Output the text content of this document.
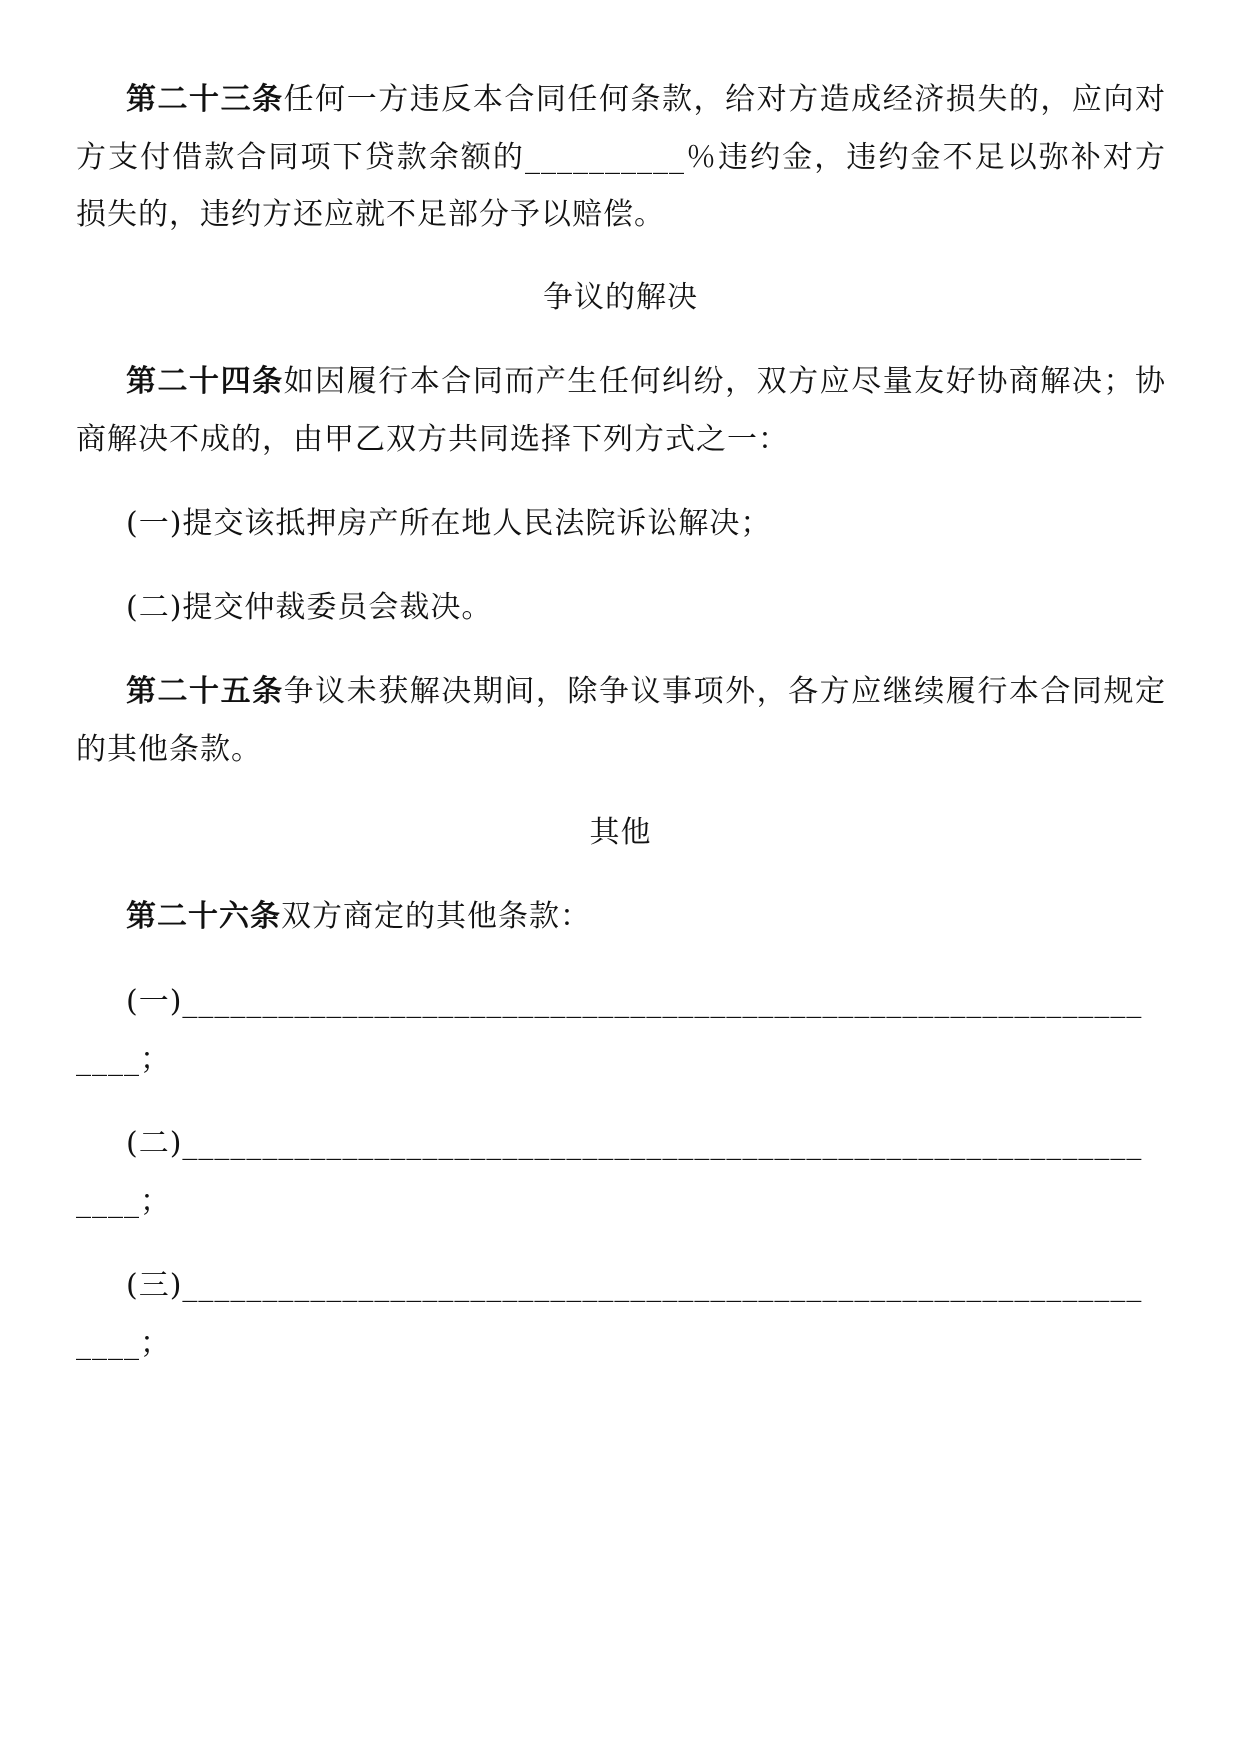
第二十三条任何一方违反本合同任何条款，给对方造成经济损失的，应向对
方支付借款合同项下贷款余额的__________％违约金，违约金不足以弥补对方
损失的，违约方还应就不足部分予以赔偿。
争议的解决
第二十四条如因履行本合同而产生任何纠纷，双方应尽量友好协商解决；协
商解决不成的，由甲乙双方共同选择下列方式之一：
(一)提交该抵押房产所在地人民法院诉讼解决；
(二)提交仲裁委员会裁决。
第二十五条争议未获解决期间，除争议事项外，各方应继续履行本合同规定
的其他条款。
其他
第二十六条双方商定的其他条款：
(一)____________________________________________________________
____；
(二)____________________________________________________________
____；
(三)____________________________________________________________
____；
